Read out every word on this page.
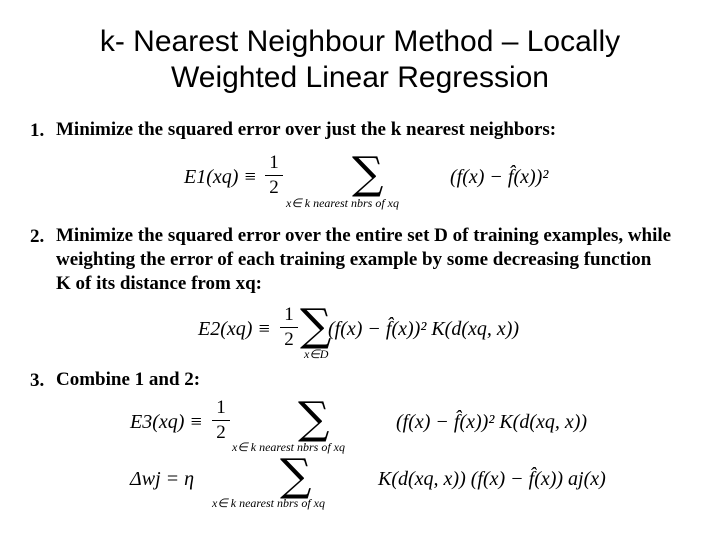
k- Nearest Neighbour Method – Locally
Weighted Linear Regression
1. Minimize the squared error over just the k nearest neighbors:
E1(xq) ≡
1
2 ∑
x∈ k nearest nbrs of xq
(f(x) − f̂(x))²
2. Minimize the squared error over the entire set D of training examples, while
weighting the error of each training example by some decreasing function
K of its distance from xq:
E2(xq) ≡
1
2 ∑
x∈D
(f(x) − f̂(x))² K(d(xq, x))
3. Combine 1 and 2:
E3(xq) ≡
1
2 ∑
x∈ k nearest nbrs of xq
(f(x) − f̂(x))² K(d(xq, x))
Δwj = η ∑
x∈ k nearest nbrs of xq
K(d(xq, x)) (f(x) − f̂(x)) aj(x)
